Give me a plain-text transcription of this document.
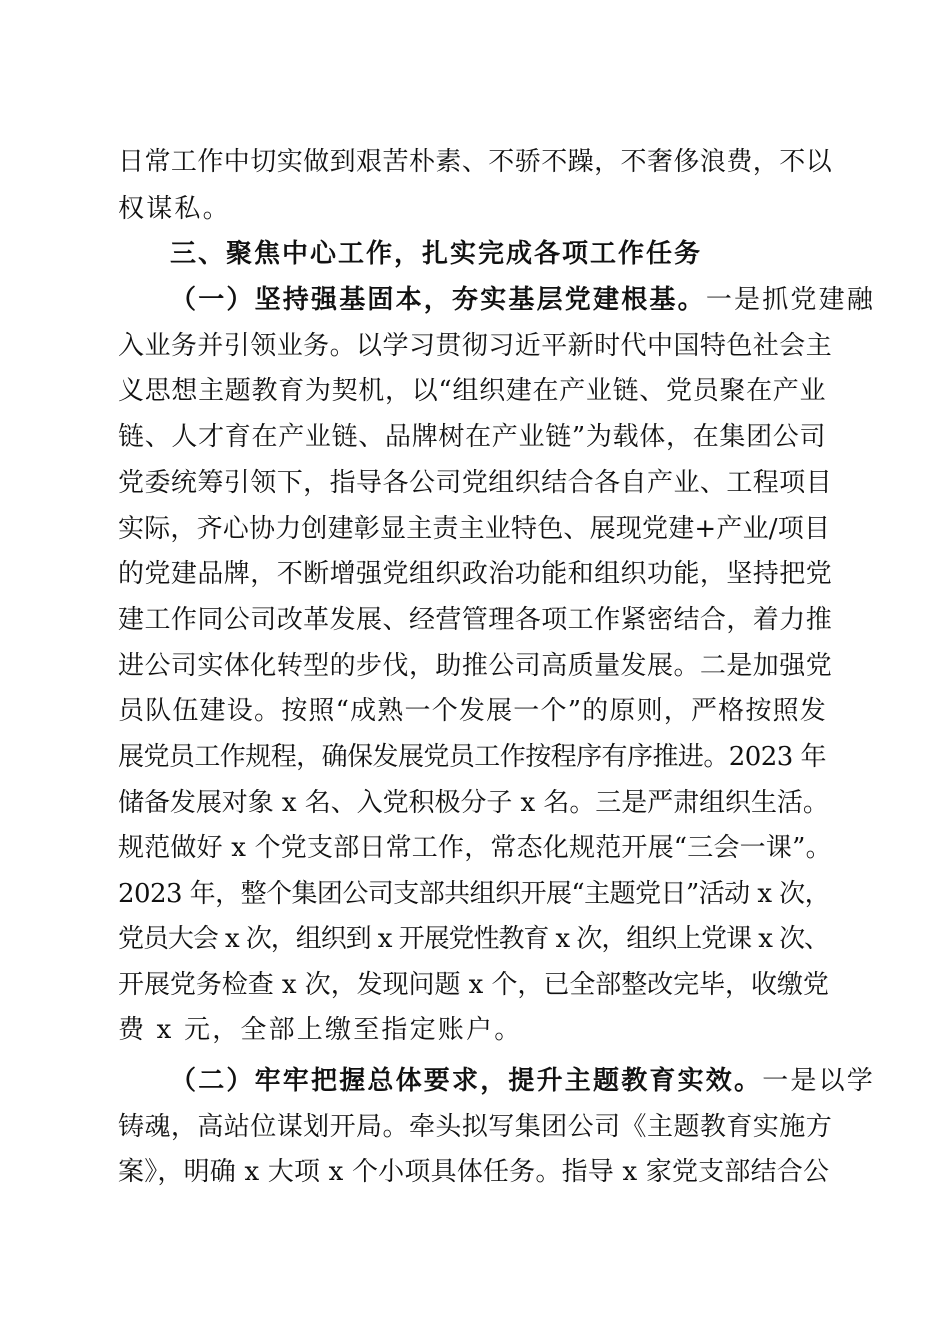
日常工作中切实做到艰苦朴素、不骄不躁，不奢侈浪费，不以
权谋私。
三、聚焦中心工作，扎实完成各项工作任务
（一）坚持强基固本，夯实基层党建根基。一是抓党建融
入业务并引领业务。以学习贯彻习近平新时代中国特色社会主
义思想主题教育为契机，以“组织建在产业链、党员聚在产业
链、人才育在产业链、品牌树在产业链”为载体，在集团公司
党委统筹引领下，指导各公司党组织结合各自产业、工程项目
实际，齐心协力创建彰显主责主业特色、展现党建+产业/项目
的党建品牌，不断增强党组织政治功能和组织功能，坚持把党
建工作同公司改革发展、经营管理各项工作紧密结合，着力推
进公司实体化转型的步伐，助推公司高质量发展。二是加强党
员队伍建设。按照“成熟一个发展一个”的原则，严格按照发
展党员工作规程，确保发展党员工作按程序有序推进。2023 年
储备发展对象 x 名、入党积极分子 x 名。三是严肃组织生活。
规范做好 x 个党支部日常工作，常态化规范开展“三会一课”。
2023 年，整个集团公司支部共组织开展“主题党日”活动 x 次，
党员大会 x 次，组织到 x 开展党性教育 x 次，组织上党课 x 次、
开展党务检查 x 次，发现问题 x 个，已全部整改完毕，收缴党
费 x 元，全部上缴至指定账户。
（二）牢牢把握总体要求，提升主题教育实效。一是以学
铸魂，高站位谋划开局。牵头拟写集团公司《主题教育实施方
案》，明确 x 大项 x 个小项具体任务。指导 x 家党支部结合公
